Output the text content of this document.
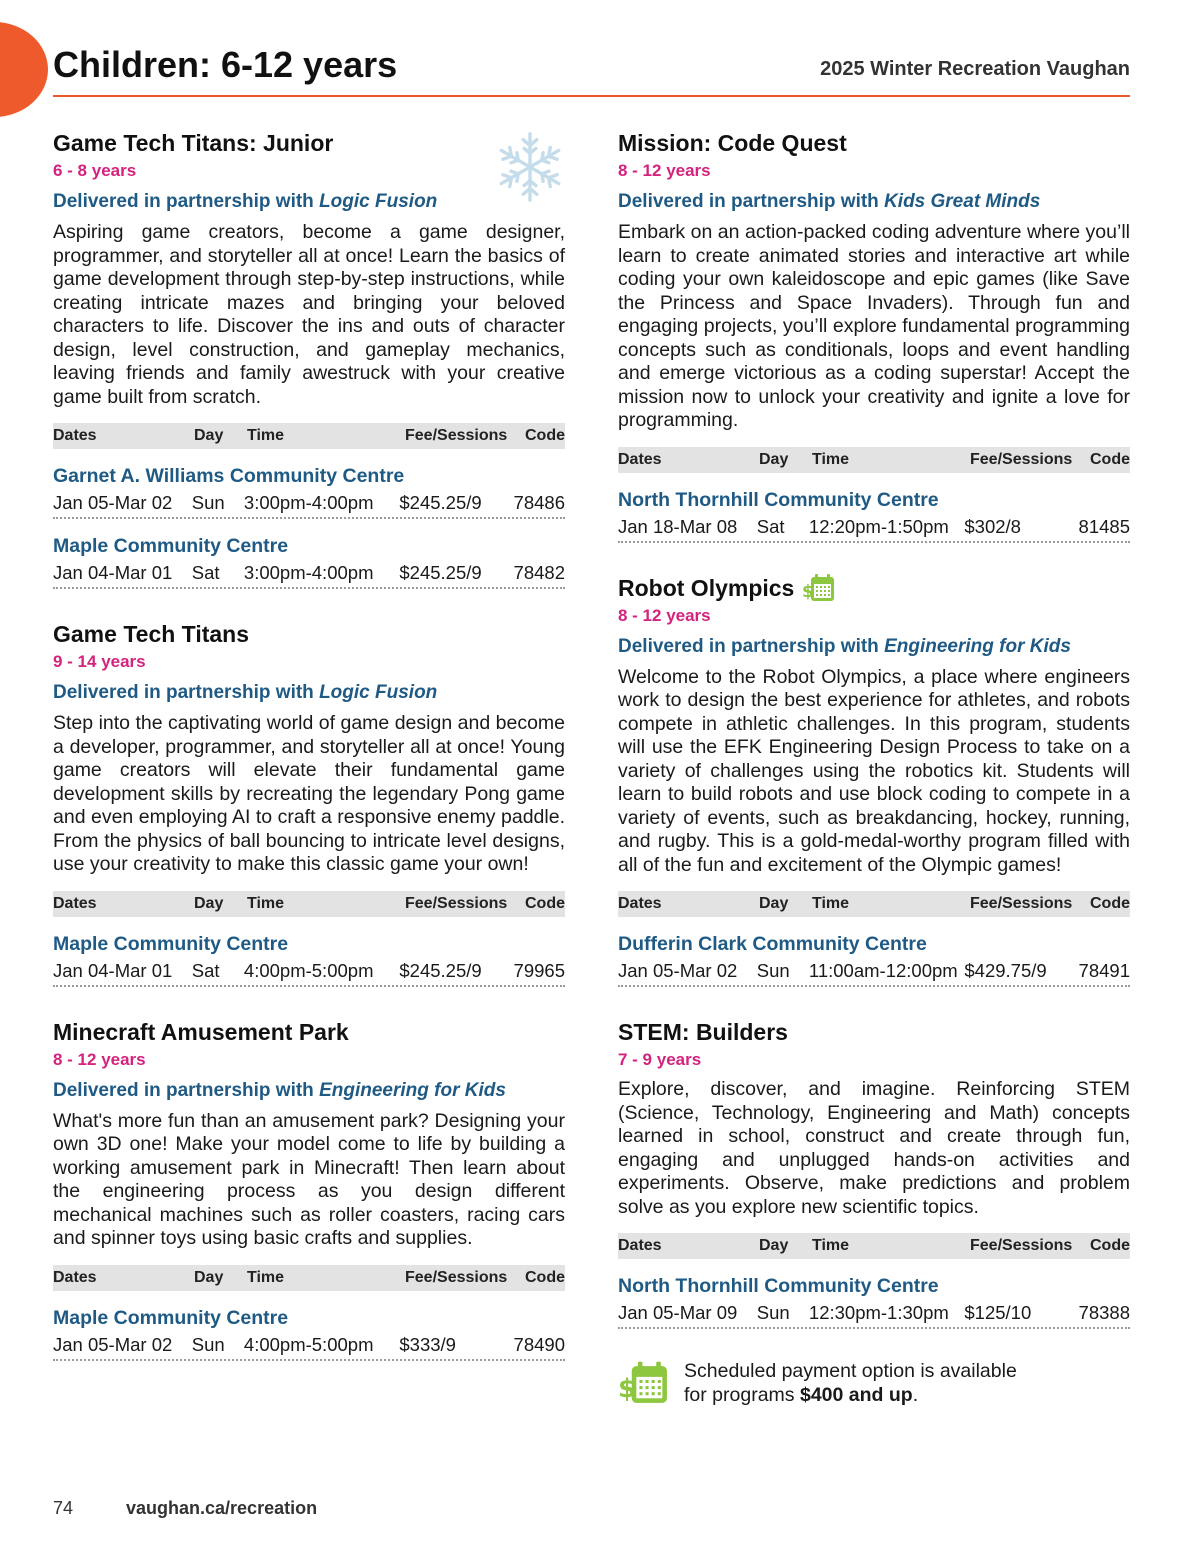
Children: 6-12 years	2025 Winter Recreation Vaughan
Game Tech Titans: Junior
6 - 8 years
Delivered in partnership with Logic Fusion

Aspiring game creators, become a game designer, programmer, and storyteller all at once! Learn the basics of game development through step-by-step instructions, while creating intricate mazes and bringing your beloved characters to life. Discover the ins and outs of character design, level construction, and gameplay mechanics, leaving friends and family awestruck with your creative game built from scratch.

Dates	Day	Time	Fee/Sessions	Code
Garnet A. Williams Community Centre
Jan 05-Mar 02	Sun	3:00pm-4:00pm	$245.25/9	78486
Maple Community Centre
Jan 04-Mar 01	Sat	3:00pm-4:00pm	$245.25/9	78482
Game Tech Titans
9 - 14 years
Delivered in partnership with Logic Fusion

Step into the captivating world of game design and become a developer, programmer, and storyteller all at once! Young game creators will elevate their fundamental game development skills by recreating the legendary Pong game and even employing AI to craft a responsive enemy paddle. From the physics of ball bouncing to intricate level designs, use your creativity to make this classic game your own!

Dates	Day	Time	Fee/Sessions	Code
Maple Community Centre
Jan 04-Mar 01	Sat	4:00pm-5:00pm	$245.25/9	79965
Minecraft Amusement Park
8 - 12 years
Delivered in partnership with Engineering for Kids

What's more fun than an amusement park? Designing your own 3D one! Make your model come to life by building a working amusement park in Minecraft! Then learn about the engineering process as you design different mechanical machines such as roller coasters, racing cars and spinner toys using basic crafts and supplies.

Dates	Day	Time	Fee/Sessions	Code
Maple Community Centre
Jan 05-Mar 02	Sun	4:00pm-5:00pm	$333/9	78490
Mission: Code Quest
8 - 12 years
Delivered in partnership with Kids Great Minds

Embark on an action-packed coding adventure where you’ll learn to create animated stories and interactive art while coding your own kaleidoscope and epic games (like Save the Princess and Space Invaders). Through fun and engaging projects, you’ll explore fundamental programming concepts such as conditionals, loops and event handling and emerge victorious as a coding superstar! Accept the mission now to unlock your creativity and ignite a love for programming.

Dates	Day	Time	Fee/Sessions	Code
North Thornhill Community Centre
Jan 18-Mar 08	Sat	12:20pm-1:50pm $302/8	81485
Robot Olympics $
8 - 12 years
Delivered in partnership with Engineering for Kids

Welcome to the Robot Olympics, a place where engineers work to design the best experience for athletes, and robots compete in athletic challenges. In this program, students will use the EFK Engineering Design Process to take on a variety of challenges using the robotics kit. Students will learn to build robots and use block coding to compete in a variety of events, such as breakdancing, hockey, running, and rugby. This is a gold-medal-worthy program filled with all of the fun and excitement of the Olympic games!

Dates	Day	Time	Fee/Sessions	Code
Dufferin Clark Community Centre
Jan 05-Mar 02	Sun	11:00am-12:00pm $429.75/9	78491
STEM: Builders
7 - 9 years

Explore, discover, and imagine. Reinforcing STEM (Science, Technology, Engineering and Math) concepts learned in school, construct and create through fun, engaging and unplugged hands-on activities and experiments. Observe, make predictions and problem solve as you explore new scientific topics.

Dates	Day	Time	Fee/Sessions	Code
North Thornhill Community Centre
Jan 05-Mar 09	Sun	12:30pm-1:30pm $125/10	78388
$
Scheduled payment option is available
for programs $400 and up.
74	vaughan.ca/recreation
